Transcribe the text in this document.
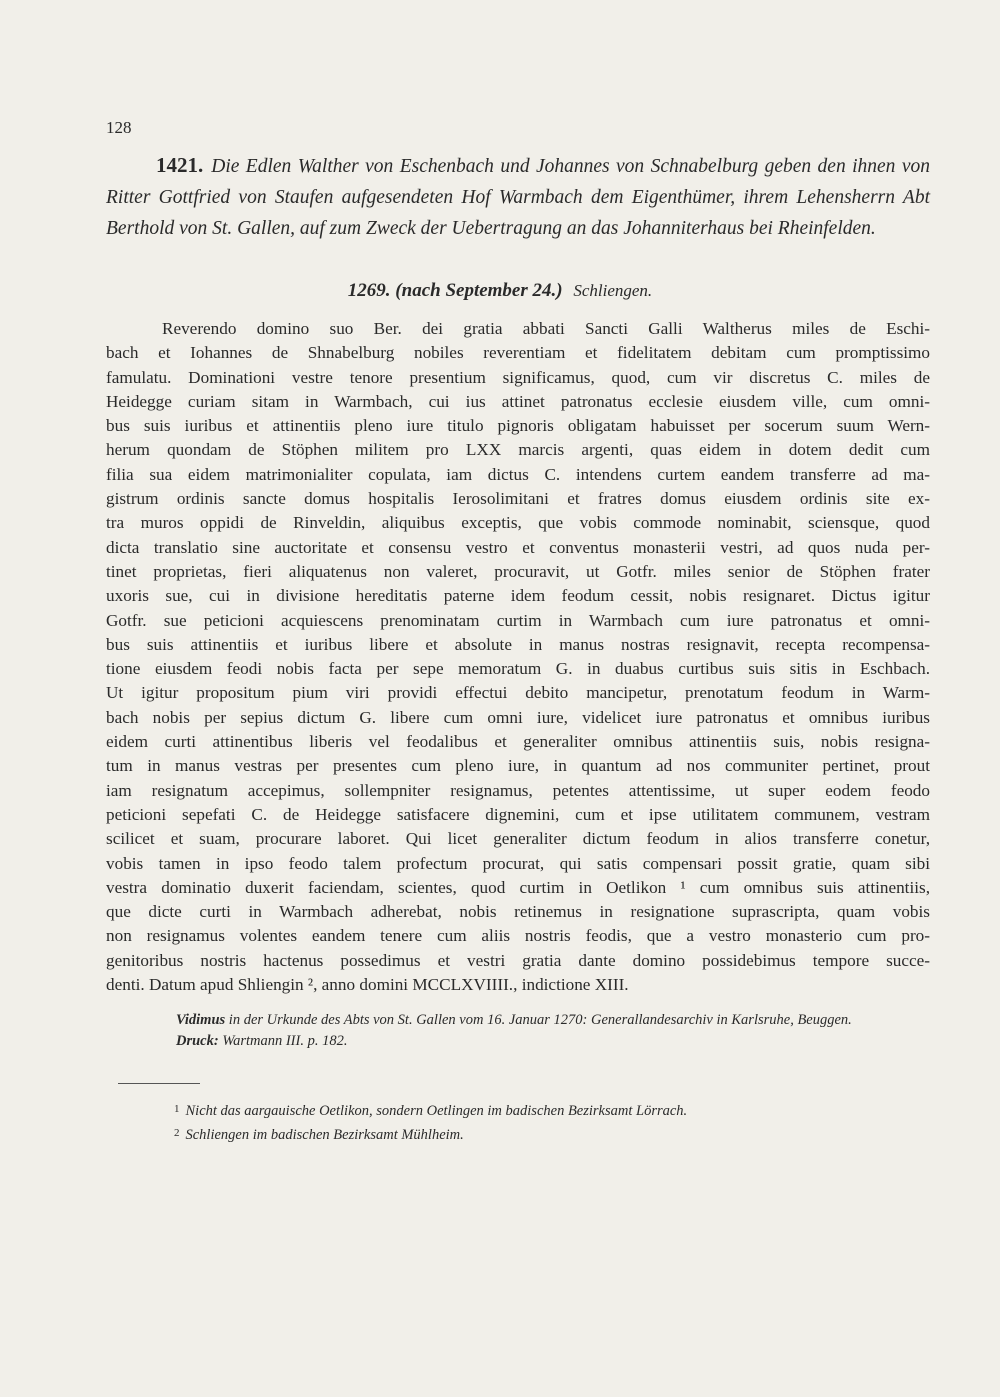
128
1421. Die Edlen Walther von Eschenbach und Johannes von Schnabelburg geben den ihnen von Ritter Gottfried von Staufen aufgesendeten Hof Warmbach dem Eigenthümer, ihrem Lehensherrn Abt Berthold von St. Gallen, auf zum Zweck der Uebertragung an das Johanniterhaus bei Rheinfelden.
1269. (nach September 24.) Schliengen.
Reverendo domino suo Ber. dei gratia abbati Sancti Galli Waltherus miles de Eschi-
bach et Iohannes de Shnabelburg nobiles reverentiam et fidelitatem debitam cum promptissimo
famulatu. Dominationi vestre tenore presentium significamus, quod, cum vir discretus C. miles de
Heidegge curiam sitam in Warmbach, cui ius attinet patronatus ecclesie eiusdem ville, cum omni-
bus suis iuribus et attinentiis pleno iure titulo pignoris obligatam habuisset per socerum suum Wern-
herum quondam de Stöphen militem pro LXX marcis argenti, quas eidem in dotem dedit cum
filia sua eidem matrimonialiter copulata, iam dictus C. intendens curtem eandem transferre ad ma-
gistrum ordinis sancte domus hospitalis Ierosolimitani et fratres domus eiusdem ordinis site ex-
tra muros oppidi de Rinveldin, aliquibus exceptis, que vobis commode nominabit, sciensque, quod
dicta translatio sine auctoritate et consensu vestro et conventus monasterii vestri, ad quos nuda per-
tinet proprietas, fieri aliquatenus non valeret, procuravit, ut Gotfr. miles senior de Stöphen frater
uxoris sue, cui in divisione hereditatis paterne idem feodum cessit, nobis resignaret. Dictus igitur
Gotfr. sue peticioni acquiescens prenominatam curtim in Warmbach cum iure patronatus et omni-
bus suis attinentiis et iuribus libere et absolute in manus nostras resignavit, recepta recompensa-
tione eiusdem feodi nobis facta per sepe memoratum G. in duabus curtibus suis sitis in Eschbach.
Ut igitur propositum pium viri providi effectui debito mancipetur, prenotatum feodum in Warm-
bach nobis per sepius dictum G. libere cum omni iure, videlicet iure patronatus et omnibus iuribus
eidem curti attinentibus liberis vel feodalibus et generaliter omnibus attinentiis suis, nobis resigna-
tum in manus vestras per presentes cum pleno iure, in quantum ad nos communiter pertinet, prout
iam resignatum accepimus, sollempniter resignamus, petentes attentissime, ut super eodem feodo
peticioni sepefati C. de Heidegge satisfacere dignemini, cum et ipse utilitatem communem, vestram
scilicet et suam, procurare laboret. Qui licet generaliter dictum feodum in alios transferre conetur,
vobis tamen in ipso feodo talem profectum procurat, qui satis compensari possit gratie, quam sibi
vestra dominatio duxerit faciendam, scientes, quod curtim in Oetlikon ¹ cum omnibus suis attinentiis,
que dicte curti in Warmbach adherebat, nobis retinemus in resignatione suprascripta, quam vobis
non resignamus volentes eandem tenere cum aliis nostris feodis, que a vestro monasterio cum pro-
genitoribus nostris hactenus possedimus et vestri gratia dante domino possidebimus tempore succe-
denti. Datum apud Shliengin ², anno domini MCCLXVIIII., indictione XIII.
Vidimus in der Urkunde des Abts von St. Gallen vom 16. Januar 1270: Generallandesarchiv in Karlsruhe, Beuggen.
Druck: Wartmann III. p. 182.
$^1$ Nicht das aargauische Oetlikon, sondern Oetlingen im badischen Bezirksamt Lörrach.
$^2$ Schliengen im badischen Bezirksamt Mühlheim.
